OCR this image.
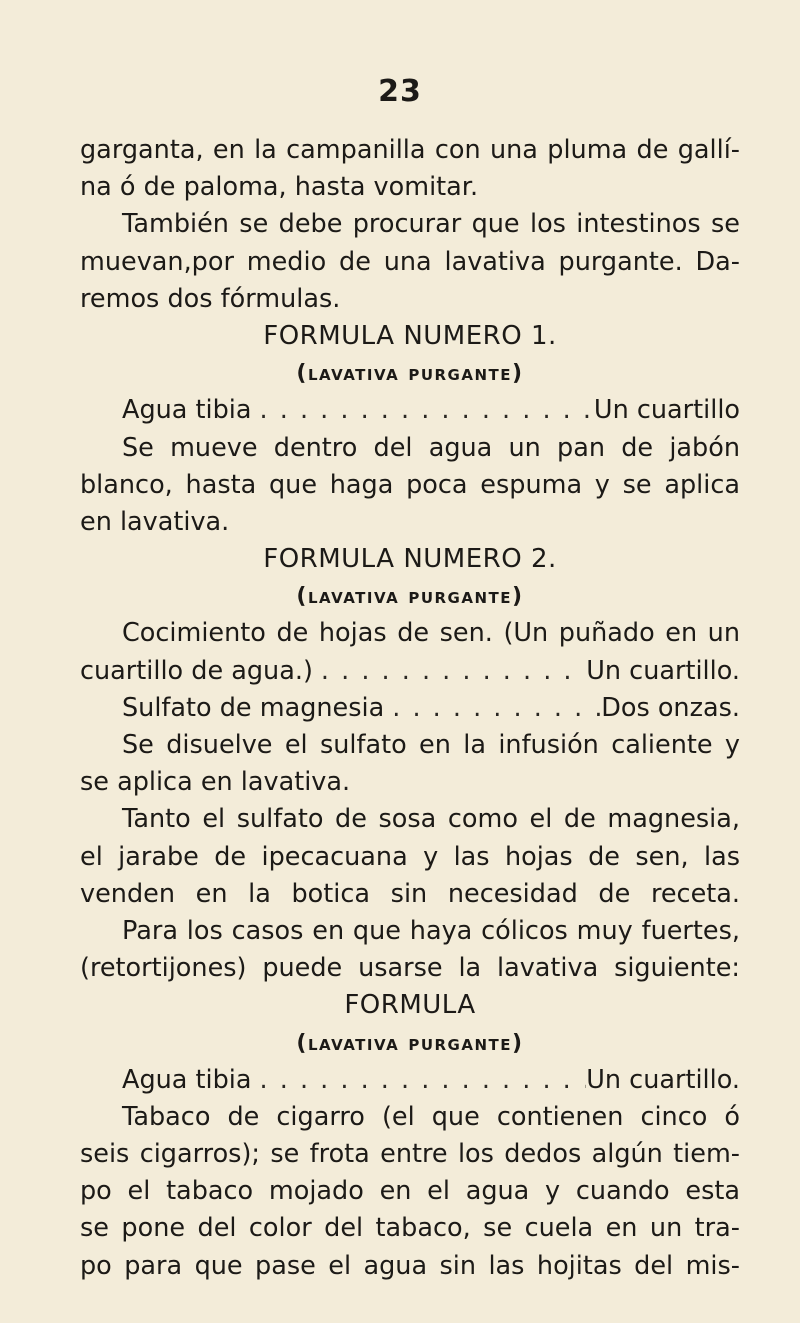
23
garganta, en la campanilla con una pluma de gallí-
na ó de paloma, hasta vomitar.
También se debe procurar que los intestinos se
muevan,por medio de una lavativa purgante. Da-
remos dos fórmulas.
FORMULA NUMERO 1.
(lavativa purgante)
Agua tibia . . .	Un cuartillo
Se mueve dentro del agua un pan de jabón
blanco, hasta que haga poca espuma y se aplica
en lavativa.
FORMULA NUMERO 2.
(lavativa purgante)
Cocimiento de hojas de sen. (Un puñado en un
cuartillo de agua.) . . .	Un cuartillo.
Sulfato de magnesia . . .	Dos onzas.
Se disuelve el sulfato en la infusión caliente y
se aplica en lavativa.
Tanto el sulfato de sosa como el de magnesia,
el jarabe de ipecacuana y las hojas de sen, las
venden en la botica sin necesidad de receta.
Para los casos en que haya cólicos muy fuertes,
(retortijones) puede usarse la lavativa siguiente:
FORMULA
(lavativa purgante)
Agua tibia . . .	Un cuartillo.
Tabaco de cigarro (el que contienen cinco ó
seis cigarros); se frota entre los dedos algún tiem-
po el tabaco mojado en el agua y cuando esta
se pone del color del tabaco, se cuela en un tra-
po para que pase el agua sin las hojitas del mis-
